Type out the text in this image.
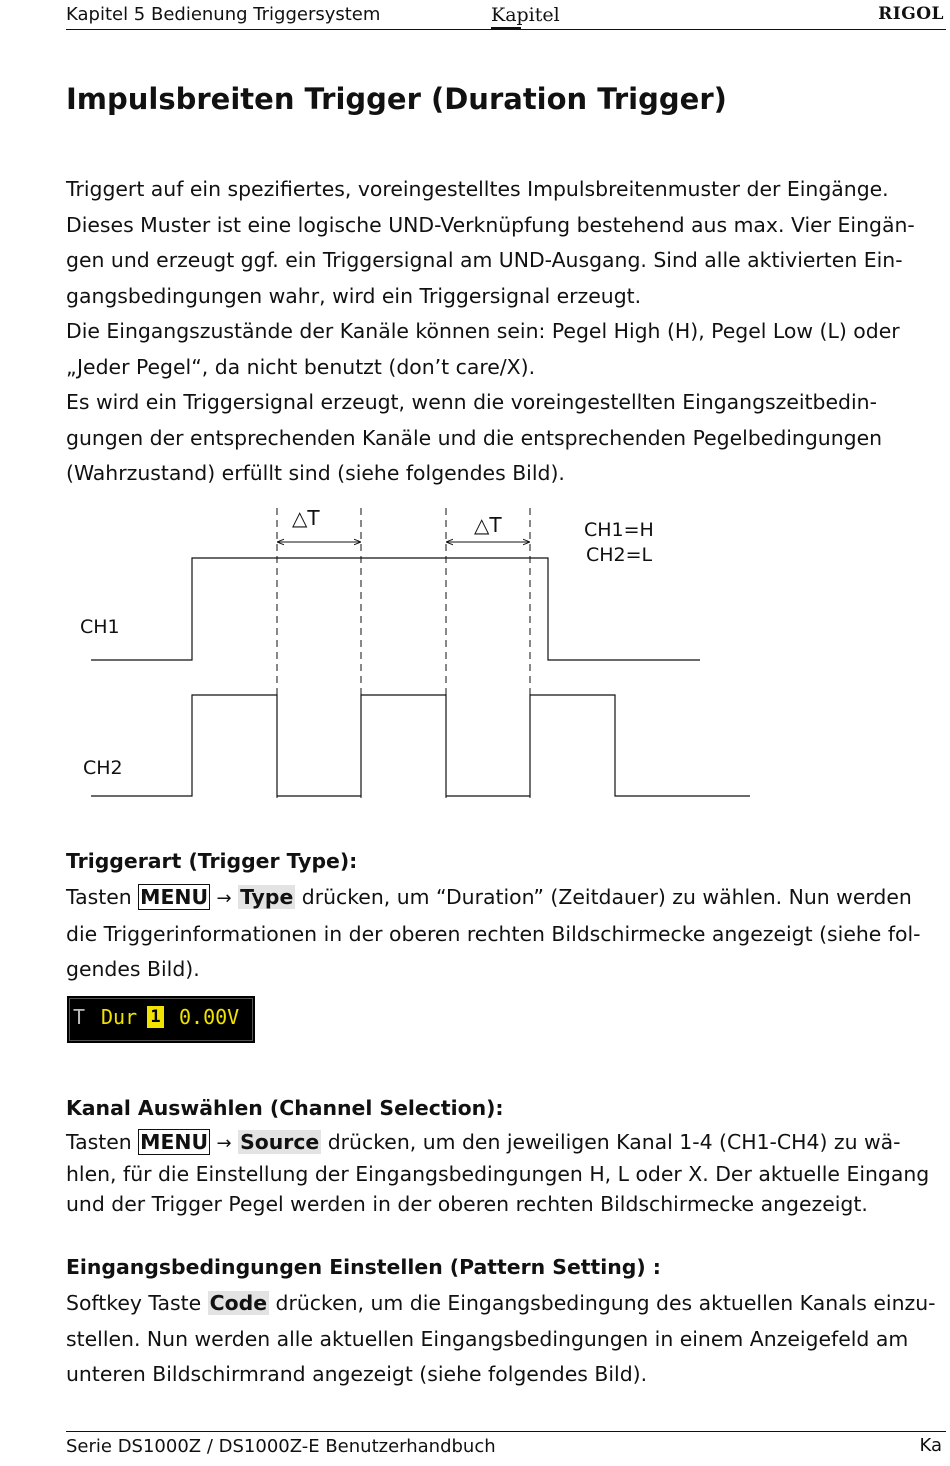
Kapitel 5 Bedienung Triggersystem	Kapitel	RIGOL
Impulsbreiten Trigger (Duration Trigger)

Triggert auf ein spezifiertes, voreingestelltes Impulsbreitenmuster der Eingänge. Dieses Muster ist eine logische UND-Verknüpfung bestehend aus max. Vier Eingän-gen und erzeugt ggf. ein Triggersignal am UND-Ausgang. Sind alle aktivierten Ein-gangsbedingungen wahr, wird ein Triggersignal erzeugt.

Die Eingangszustände der Kanäle können sein: Pegel High (H), Pegel Low (L) oder „Jeder Pegel“, da nicht benutzt (don’t care/X).

Es wird ein Triggersignal erzeugt, wenn die voreingestellten Eingangszeitbedin-gungen der entsprechenden Kanäle und die entsprechenden Pegelbedingungen (Wahrzustand) erfüllt sind (siehe folgendes Bild).

△T	△T	CH1=H
CH2=L
CH1
CH2
Triggerart (Trigger Type):
Tasten MENU → Type drücken, um “Duration” (Zeitdauer) zu wählen. Nun werden die Triggerinformationen in der oberen rechten Bildschirmecke angezeigt (siehe fol-gendes Bild).
T Dur 1 0.00V
Kanal Auswählen (Channel Selection):
Tasten MENU → Source drücken, um den jeweiligen Kanal 1-4 (CH1-CH4) zu wä-hlen, für die Einstellung der Eingangsbedingungen H, L oder X. Der aktuelle Eingang und der Trigger Pegel werden in der oberen rechten Bildschirmecke angezeigt.
Eingangsbedingungen Einstellen (Pattern Setting) :
Softkey Taste Code drücken, um die Eingangsbedingung des aktuellen Kanals einzu-stellen. Nun werden alle aktuellen Eingangsbedingungen in einem Anzeigefeld am unteren Bildschirmrand angezeigt (siehe folgendes Bild).
Serie DS1000Z / DS1000Z-E Benutzerhandbuch	Ka
